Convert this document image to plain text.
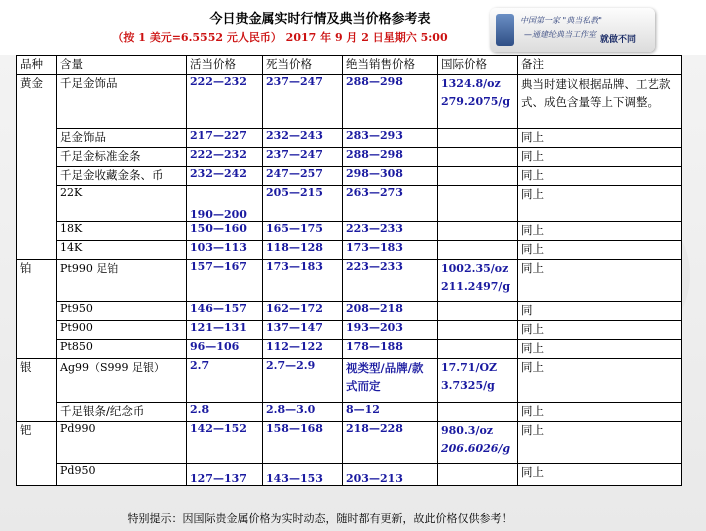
今日贵金属实时行情及典当价格参考表
（按 1 美元=6.5552 元人民币） 2017 年 9 月 2 日星期六 5:00
中国第一家 "典当私教"
—通建纶典当工作室
就做不同
品种	含量	活当价格	死当价格	绝当销售价格	国际价格	备注
黄金	千足金饰品	222—232	237—247	288—298	1324.8/oz
279.2075/g	典当时建议根据品牌、工艺款式、成色含量等上下调整。
	足金饰品	217—227	232—243	283—293		同上
	千足金标准金条	222—232	237—247	288—298		同上
	千足金收藏金条、币	232—242	247—257	298—308		同上
	22K	190—200	205—215	263—273		同上
	18K	150—160	165—175	223—233		同上
	14K	103—113	118—128	173—183		同上
铂	Pt990 足铂	157—167	173—183	223—233	1002.35/oz
211.2497/g	同上
	Pt950	146—157	162—172	208—218		同
	Pt900	121—131	137—147	193—203		同上
	Pt850	96—106	112—122	178—188		同上
银	Ag99（S999 足银）	2.7	2.7—2.9	视类型/品牌/款式而定	17.71/OZ
3.7325/g	同上
	千足银条/纪念币	2.8	2.8—3.0	8—12		同上
钯	Pd990	142—152	158—168	218—228	980.3/oz
206.6026/g	同上
	Pd950	127—137	143—153	203—213		同上
特别提示：因国际贵金属价格为实时动态，随时都有更新，故此价格仅供参考！
